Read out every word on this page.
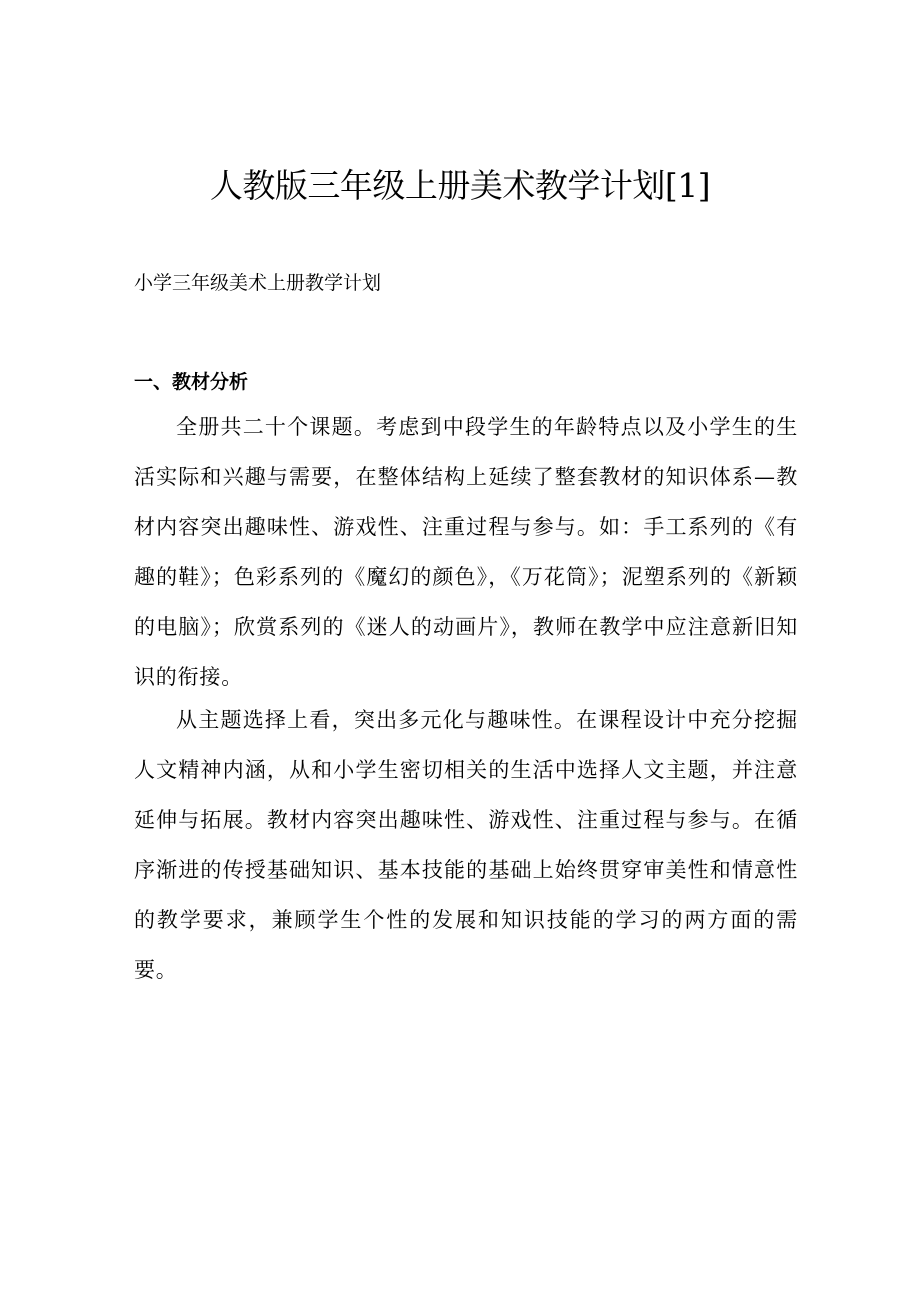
人教版三年级上册美术教学计划[1]
小学三年级美术上册教学计划
一、教材分析

全册共二十个课题。考虑到中段学生的年龄特点以及小学生的生活实际和兴趣与需要，在整体结构上延续了整套教材的知识体系—教材内容突出趣味性、游戏性、注重过程与参与。如：手工系列的《有趣的鞋》；色彩系列的《魔幻的颜色》，《万花筒》；泥塑系列的《新颖的电脑》；欣赏系列的《迷人的动画片》，教师在教学中应注意新旧知识的衔接。

从主题选择上看，突出多元化与趣味性。在课程设计中充分挖掘人文精神内涵，从和小学生密切相关的生活中选择人文主题，并注意延伸与拓展。教材内容突出趣味性、游戏性、注重过程与参与。在循序渐进的传授基础知识、基本技能的基础上始终贯穿审美性和情意性的教学要求，兼顾学生个性的发展和知识技能的学习的两方面的需要。
